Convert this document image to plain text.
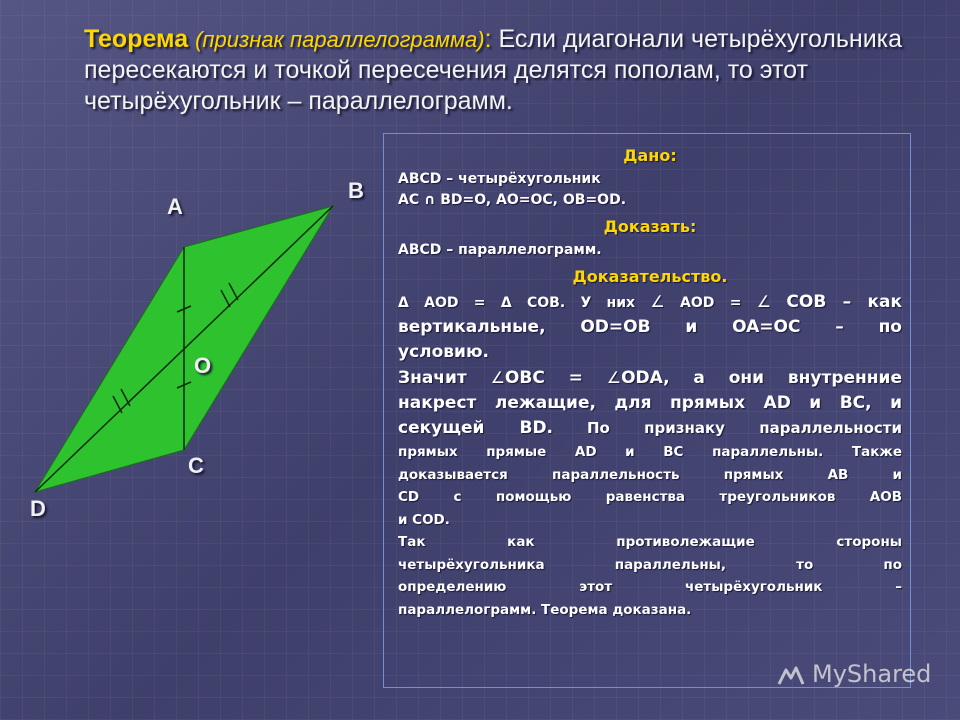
Теорема (признак параллелограмма): Если диагонали четырёхугольника пересекаются и точкой пересечения делятся пополам, то этот четырёхугольник – параллелограмм.
A
B
C
D
O
Дано:
ABCD – четырёхугольник
AC ∩ BD=O, AO=OC, OB=OD.
Доказать:
ABCD – параллелограмм.
Доказательство.
Δ AOD = Δ COB. У них ∠ AOD = ∠ COB – как
вертикальные, OD=OB и OA=OC – по
условию.
Значит ∠OBC = ∠ODA, а они внутренние
накрест лежащие, для прямых AD и BC, и
секущей BD. По признаку параллельности
прямых прямые AD и BC параллельны. Также
доказывается параллельность прямых AB и
CD с помощью равенства треугольников AOB
и COD.
Так как противолежащие стороны
четырёхугольника параллельны, то по
определению этот четырёхугольник –
параллелограмм. Теорема доказана.
MyShared
